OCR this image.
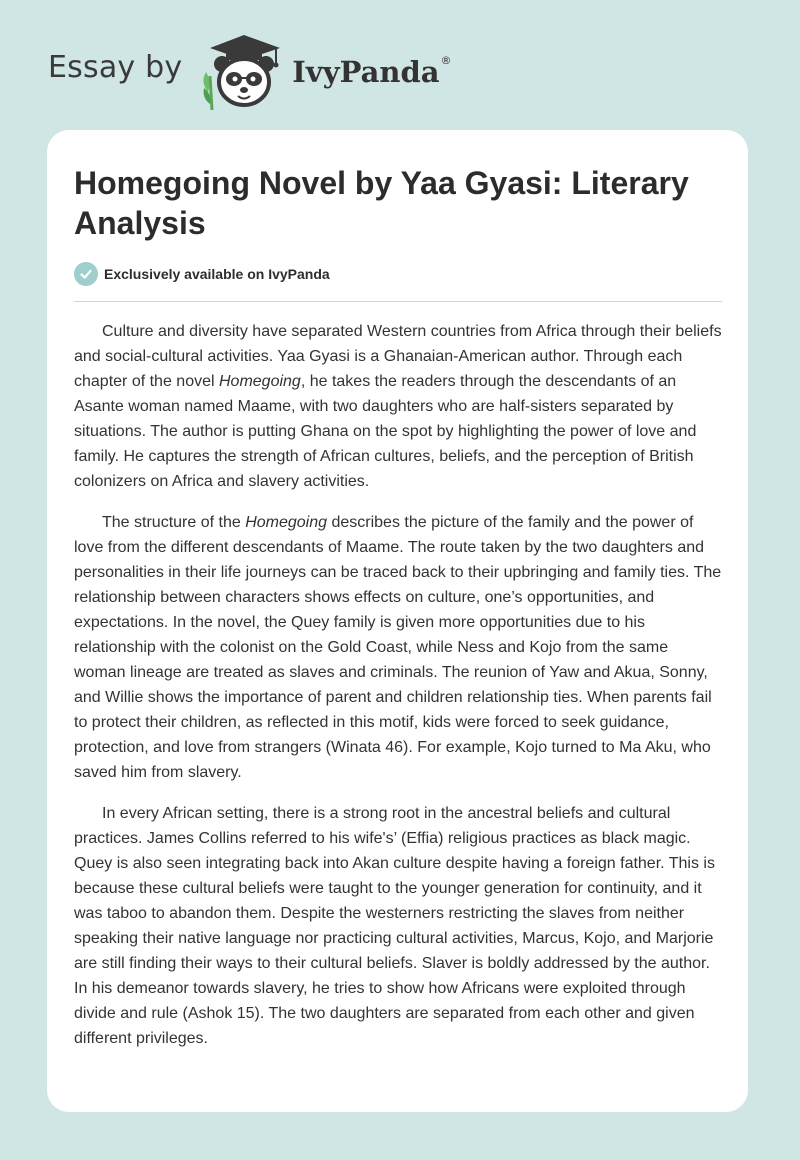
Essay by	IvyPanda ®
Homegoing Novel by Yaa Gyasi: Literary Analysis
Exclusively available on IvyPanda

Culture and diversity have separated Western countries from Africa through their beliefs and social-cultural activities. Yaa Gyasi is a Ghanaian-American author. Through each chapter of the novel Homegoing, he takes the readers through the descendants of an Asante woman named Maame, with two daughters who are half-sisters separated by situations. The author is putting Ghana on the spot by highlighting the power of love and family. He captures the strength of African cultures, beliefs, and the perception of British colonizers on Africa and slavery activities.

The structure of the Homegoing describes the picture of the family and the power of love from the different descendants of Maame. The route taken by the two daughters and personalities in their life journeys can be traced back to their upbringing and family ties. The relationship between characters shows effects on culture, one’s opportunities, and expectations. In the novel, the Quey family is given more opportunities due to his relationship with the colonist on the Gold Coast, while Ness and Kojo from the same woman lineage are treated as slaves and criminals. The reunion of Yaw and Akua, Sonny, and Willie shows the importance of parent and children relationship ties. When parents fail to protect their children, as reflected in this motif, kids were forced to seek guidance, protection, and love from strangers (Winata 46). For example, Kojo turned to Ma Aku, who saved him from slavery.

In every African setting, there is a strong root in the ancestral beliefs and cultural practices. James Collins referred to his wife's’ (Effia) religious practices as black magic. Quey is also seen integrating back into Akan culture despite having a foreign father. This is because these cultural beliefs were taught to the younger generation for continuity, and it was taboo to abandon them. Despite the westerners restricting the slaves from neither speaking their native language nor practicing cultural activities, Marcus, Kojo, and Marjorie are still finding their ways to their cultural beliefs. Slaver is boldly addressed by the author. In his demeanor towards slavery, he tries to show how Africans were exploited through divide and rule (Ashok 15). The two daughters are separated from each other and given different privileges.
